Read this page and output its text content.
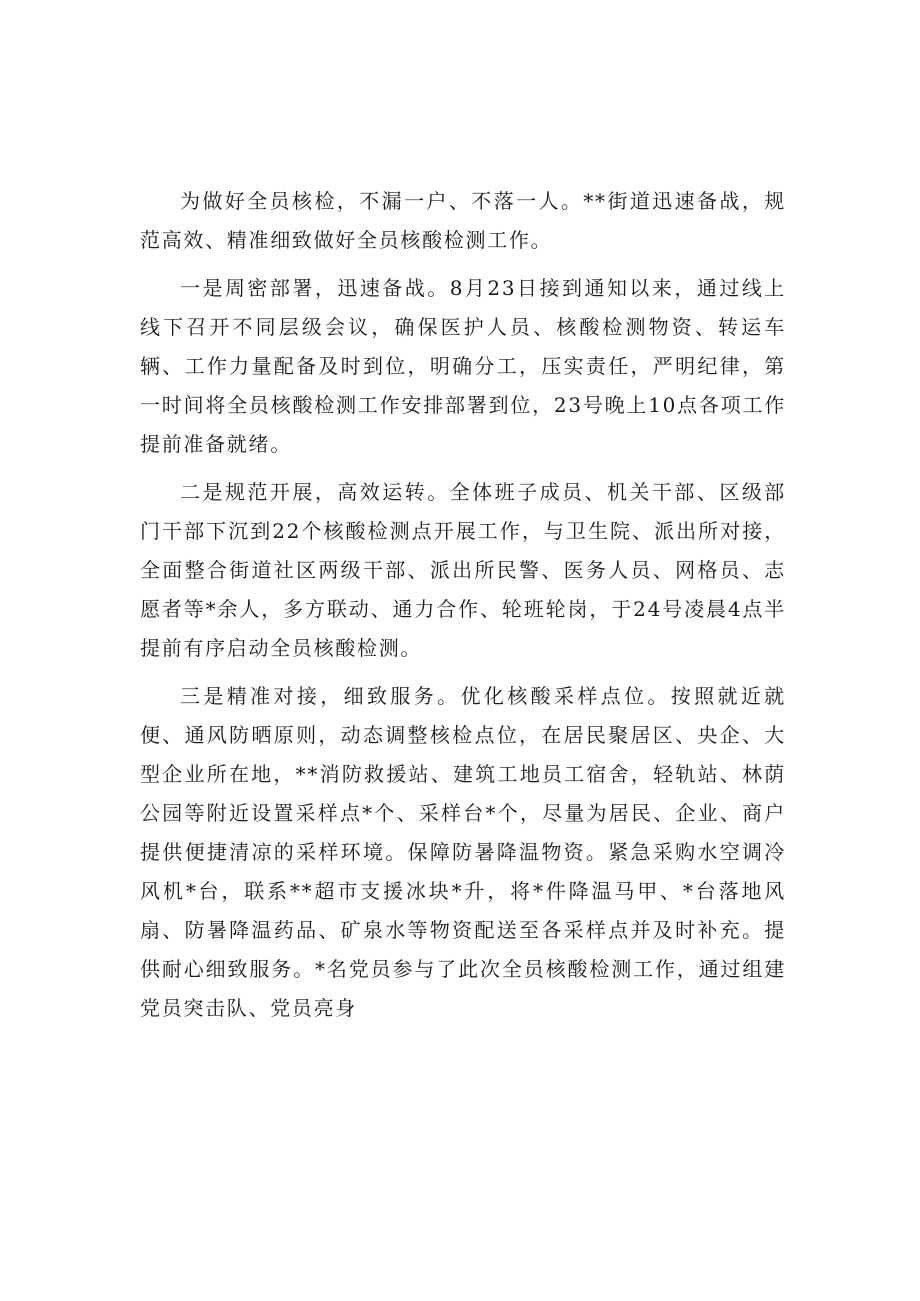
为做好全员核检，不漏一户、不落一人。**街道迅速备战，规范高效、精准细致做好全员核酸检测工作。

一是周密部署，迅速备战。8月23日接到通知以来，通过线上线下召开不同层级会议，确保医护人员、核酸检测物资、转运车辆、工作力量配备及时到位，明确分工，压实责任，严明纪律，第一时间将全员核酸检测工作安排部署到位，23号晚上10点各项工作提前准备就绪。

二是规范开展，高效运转。全体班子成员、机关干部、区级部门干部下沉到22个核酸检测点开展工作，与卫生院、派出所对接，全面整合街道社区两级干部、派出所民警、医务人员、网格员、志愿者等*余人，多方联动、通力合作、轮班轮岗，于24号凌晨4点半提前有序启动全员核酸检测。

三是精准对接，细致服务。优化核酸采样点位。按照就近就便、通风防晒原则，动态调整核检点位，在居民聚居区、央企、大型企业所在地，**消防救援站、建筑工地员工宿舍，轻轨站、林荫公园等附近设置采样点*个、采样台*个，尽量为居民、企业、商户提供便捷清凉的采样环境。保障防暑降温物资。紧急采购水空调冷风机*台，联系**超市支援冰块*升，将*件降温马甲、*台落地风扇、防暑降温药品、矿泉水等物资配送至各采样点并及时补充。提供耐心细致服务。*名党员参与了此次全员核酸检测工作，通过组建党员突击队、党员亮身
